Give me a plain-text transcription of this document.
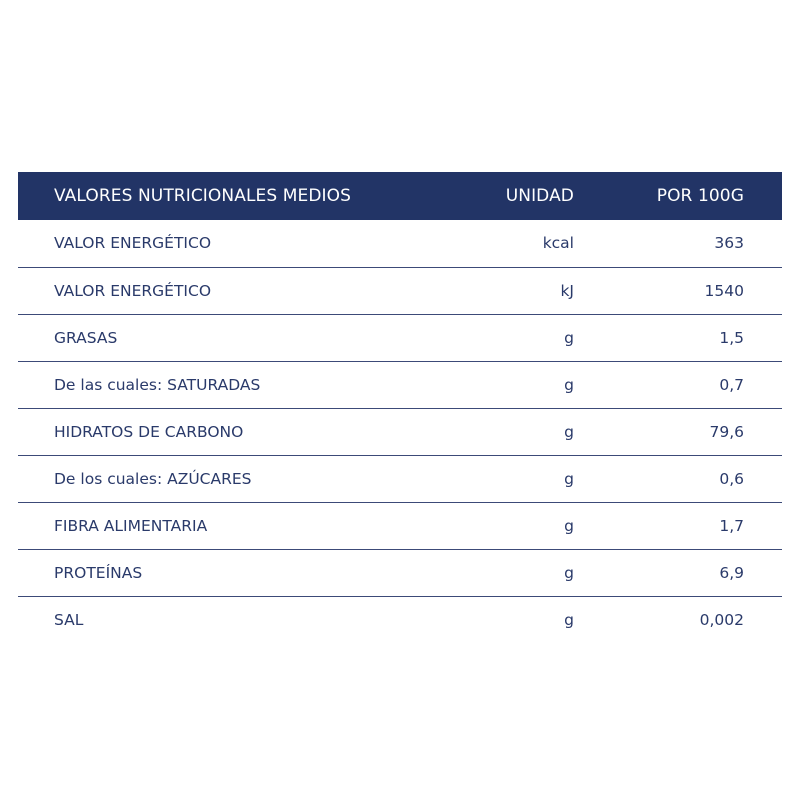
VALORES NUTRICIONALES MEDIOS	UNIDAD	POR 100G
VALOR ENERGÉTICO	kcal	363
VALOR ENERGÉTICO	kJ	1540
GRASAS	g	1,5
De las cuales: SATURADAS	g	0,7
HIDRATOS DE CARBONO	g	79,6
De los cuales: AZÚCARES	g	0,6
FIBRA ALIMENTARIA	g	1,7
PROTEÍNAS	g	6,9
SAL	g	0,002
